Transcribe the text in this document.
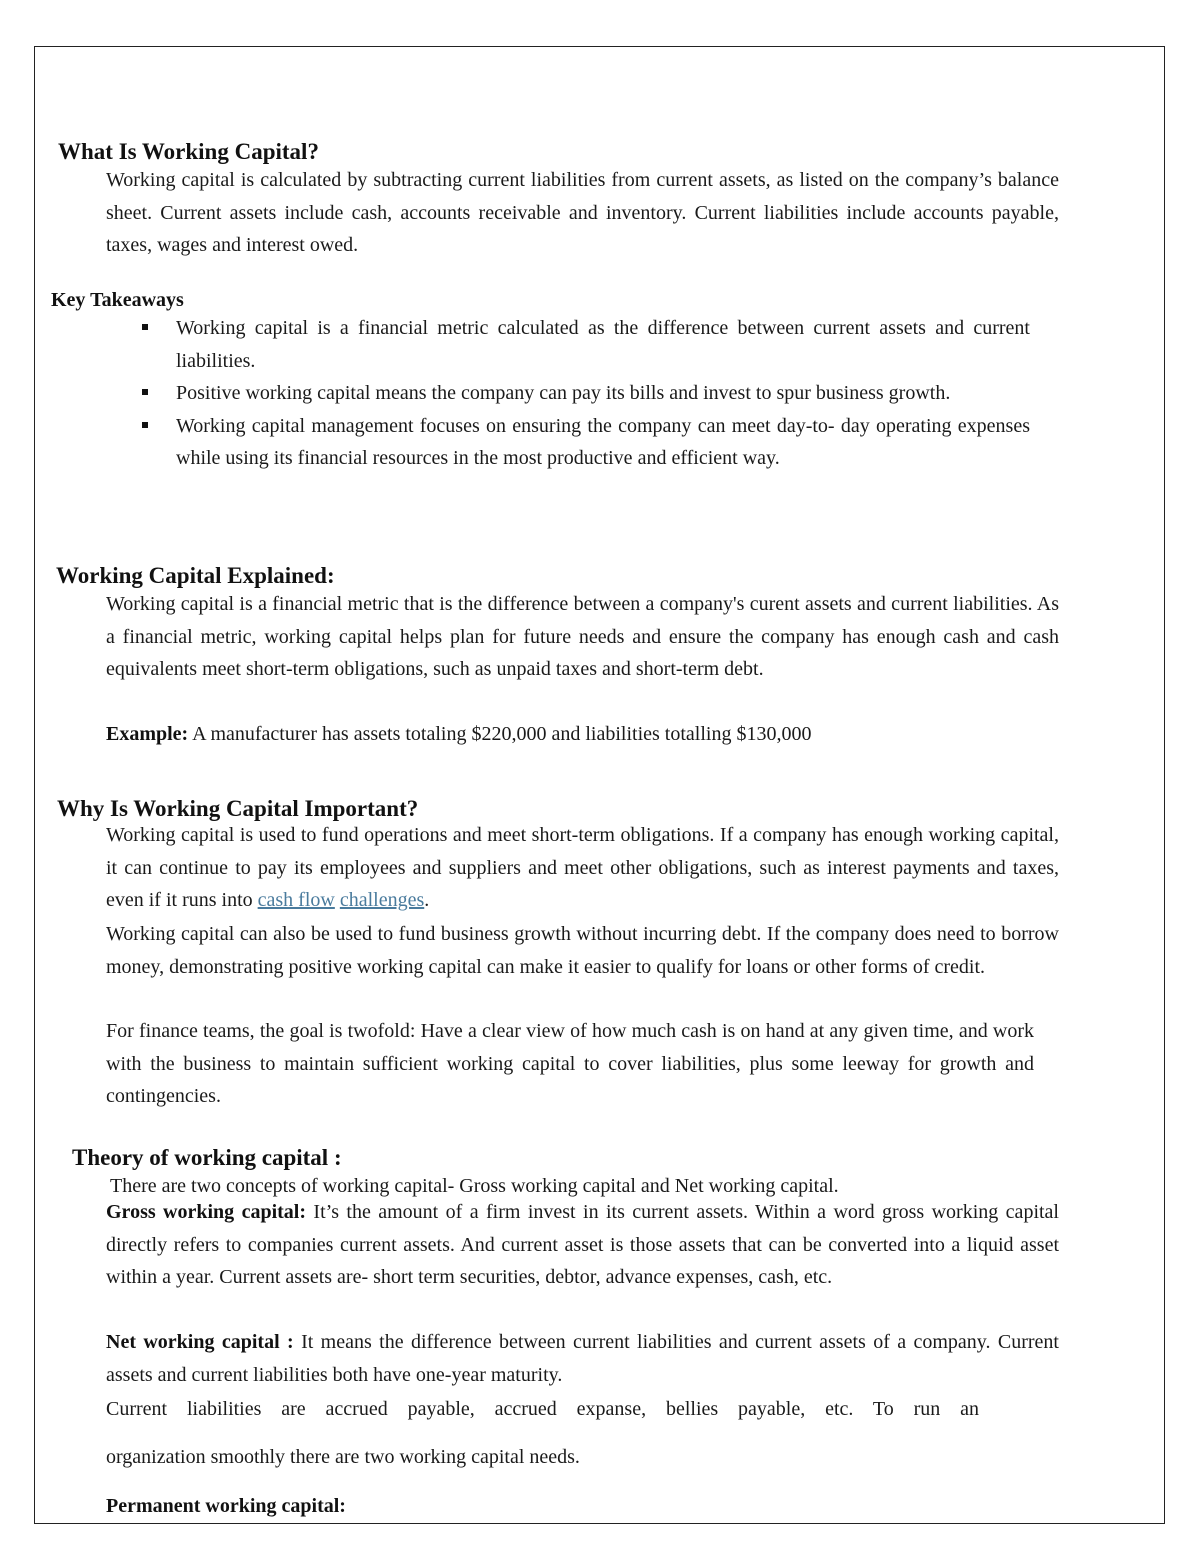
What Is Working Capital?

Working capital is calculated by subtracting current liabilities from current assets, as listed on the company’s balance sheet. Current assets include cash, accounts receivable and inventory. Current liabilities include accounts payable, taxes, wages and interest owed.

Key Takeaways
Working capital is a financial metric calculated as the difference between current assets and current liabilities.
Positive working capital means the company can pay its bills and invest to spur business growth.
Working capital management focuses on ensuring the company can meet day-to- day operating expenses while using its financial resources in the most productive and efficient way.
Working Capital Explained:

Working capital is a financial metric that is the difference between a company's curent assets and current liabilities. As a financial metric, working capital helps plan for future needs and ensure the company has enough cash and cash equivalents meet short-term obligations, such as unpaid taxes and short-term debt.

Example: A manufacturer has assets totaling $220,000 and liabilities totalling $130,000

Why Is Working Capital Important?

Working capital is used to fund operations and meet short-term obligations. If a company has enough working capital, it can continue to pay its employees and suppliers and meet other obligations, such as interest payments and taxes, even if it runs into cash flow challenges.

Working capital can also be used to fund business growth without incurring debt. If the company does need to borrow money, demonstrating positive working capital can make it easier to qualify for loans or other forms of credit.

For finance teams, the goal is twofold: Have a clear view of how much cash is on hand at any given time, and work with the business to maintain sufficient working capital to cover liabilities, plus some leeway for growth and contingencies.

Theory of working capital :

There are two concepts of working capital- Gross working capital and Net working capital.

Gross working capital: It’s the amount of a firm invest in its current assets. Within a word gross working capital directly refers to companies current assets. And current asset is those assets that can be converted into a liquid asset within a year. Current assets are- short term securities, debtor, advance expenses, cash, etc.

Net working capital : It means the difference between current liabilities and current assets of a company. Current assets and current liabilities both have one-year maturity.

Current liabilities are accrued payable, accrued expanse, bellies payable, etc. To run an

organization smoothly there are two working capital needs.

Permanent working capital:
